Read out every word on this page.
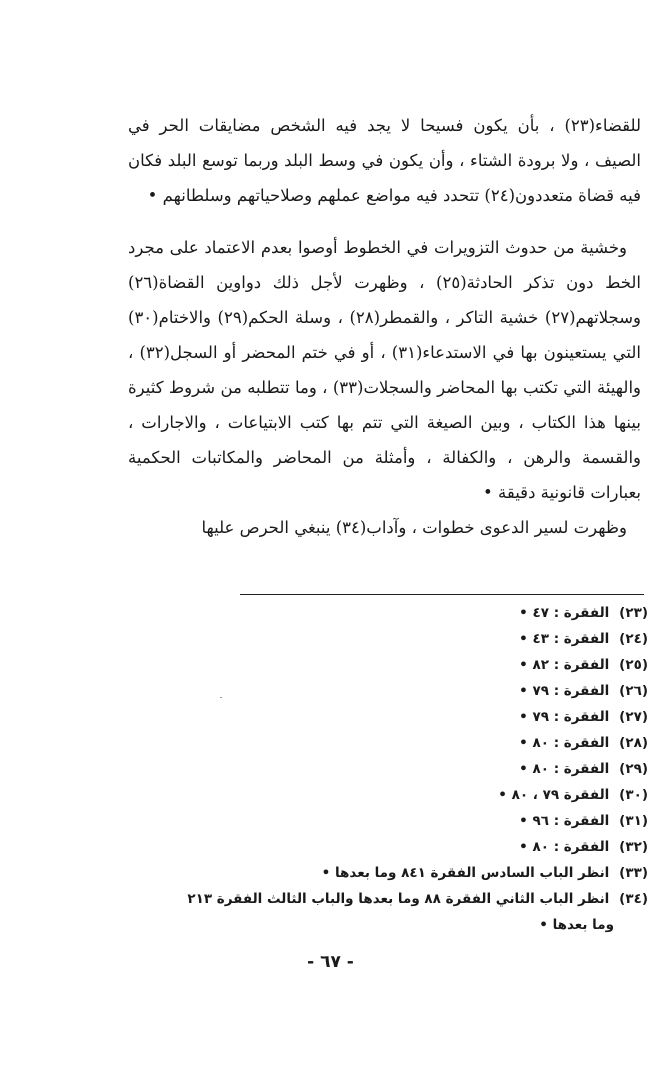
للقضاء(٢٣) ، بأن يكون فسيحا لا يجد فيه الشخص مضايقات الحر في الصيف ، ولا برودة الشتاء ، وأن يكون في وسط البلد وربما توسع البلد فكان فيه قضاة متعددون(٢٤) تتحدد فيه مواضع عملهم وصلاحياتهم وسلطانهم •

وخشية من حدوث التزويرات في الخطوط أوصوا بعدم الاعتماد على مجرد الخط دون تذكر الحادثة(٢٥) ، وظهرت لأجل ذلك دواوين القضاة(٢٦) وسجلاتهم(٢٧) خشية التاكر ، والقمطر(٢٨) ، وسلة الحكم(٢٩) والاختام(٣٠) التي يستعينون بها في الاستدعاء(٣١) ، أو في ختم المحضر أو السجل(٣٢) ، والهيئة التي تكتب بها المحاضر والسجلات(٣٣) ، وما تتطلبه من شروط كثيرة بينها هذا الكتاب ، وبين الصيغة التي تتم بها كتب الابتياعات ، والاجارات ، والقسمة والرهن ، والكفالة ، وأمثلة من المحاضر والمكاتبات الحكمية بعبارات قانونية دقيقة •

وظهرت لسير الدعوى خطوات ، وآداب(٣٤) ينبغي الحرص عليها

(٢٣) الفقرة : ٤٧ •
(٢٤) الفقرة : ٤٣ •
(٢٥) الفقرة : ٨٢ •
(٢٦) الفقرة : ٧٩ •
(٢٧) الفقرة : ٧٩ •
(٢٨) الفقرة : ٨٠ •
(٢٩) الفقرة : ٨٠ •
(٣٠) الفقرة ٧٩ ، ٨٠ •
(٣١) الفقرة : ٩٦ •
(٣٢) الفقرة : ٨٠ •
(٣٣) انظر الباب السادس الفقرة ٨٤١ وما بعدها •
(٣٤) انظر الباب الثاني الفقرة ٨٨ وما بعدها والباب الثالث الفقرة ٢١٣
وما بعدها •
- ٦٧ -
